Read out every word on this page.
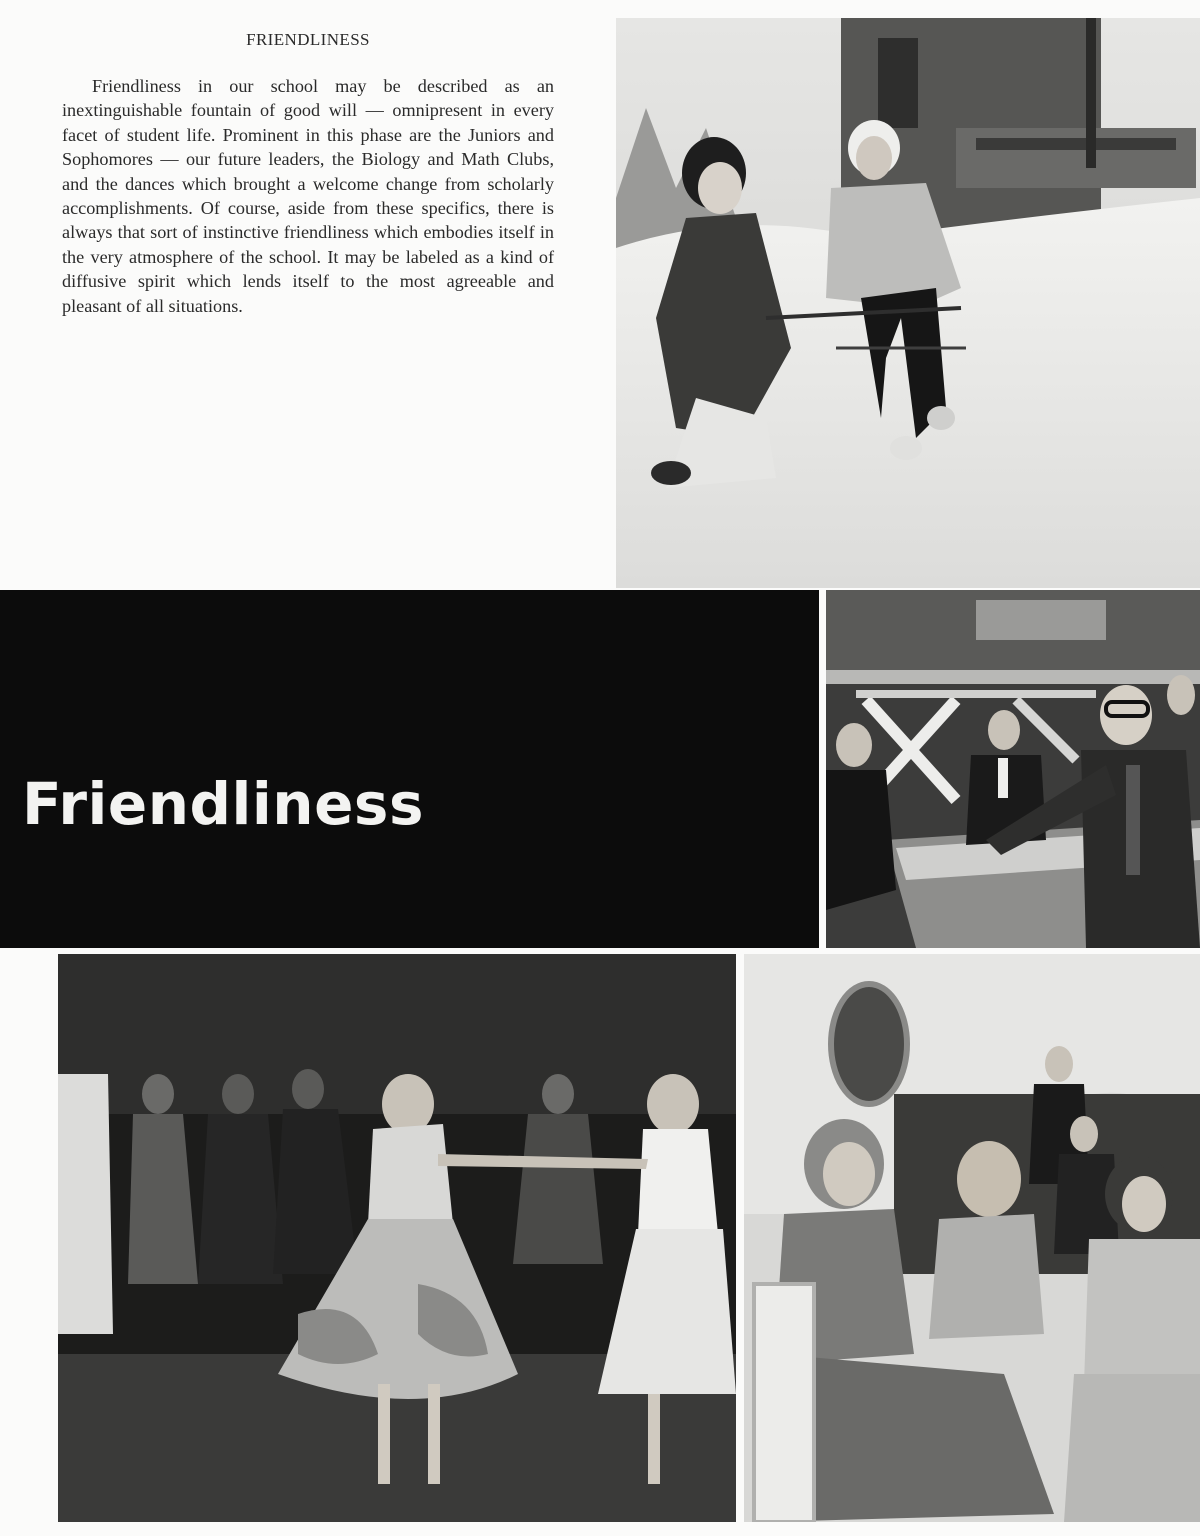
FRIENDLINESS

Friendliness in our school may be described as an inextinguishable fountain of good will — omnipresent in every facet of student life. Prominent in this phase are the Juniors and Sophomores — our future leaders, the Biology and Math Clubs, and the dances which brought a welcome change from scholarly accomplishments. Of course, aside from these specifics, there is always that sort of instinctive friendliness which embodies itself in the very atmosphere of the school. It may be labeled as a kind of diffusive spirit which lends itself to the most agreeable and pleasant of all situations.

Friendliness
